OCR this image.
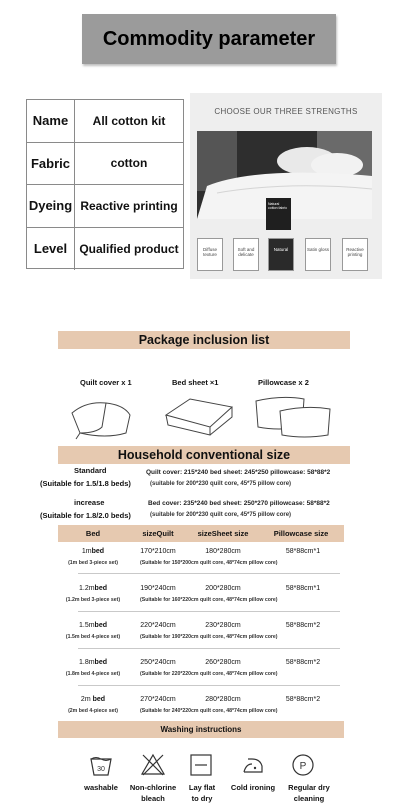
Commodity parameter
Name	All cotton kit
Fabric	cotton
Dyeing Reactive printing
Level	Qualified product
CHOOSE OUR THREE STRENGTHS
Natural cotton fabric
Diffuse texture
Soft and delicate
Natural	Satin gloss	Reactive printing
Package inclusion list
Quilt cover x 1	Bed sheet ×1	Pillowcase x 2
Household conventional size
Standard
(Suitable for 1.5/1.8 beds)
Quilt cover: 215*240 bed sheet: 245*250 pillowcase: 58*88*2
(suitable for 200*230 quilt core, 45*75 pillow core)
increase
(Suitable for 1.8/2.0 beds)
Bed cover: 235*240 bed sheet: 250*270 pillowcase: 58*88*2
(suitable for 200*230 quilt core, 45*75 pillow core)
Bed	sizeQuilt	sizeSheet size	Pillowcase size
1mbed	170*210cm	180*280cm	58*88cm*1
(1m bed 3-piece set)	(Suitable for 150*200cm quilt core, 48*74cm pillow core)
1.2mbed	190*240cm	200*280cm	58*88cm*1
(1.2m bed 3-piece set)	(Suitable for 160*220cm quilt core, 48*74cm pillow core)
1.5mbed	220*240cm	230*280cm	58*88cm*2
(1.5m bed 4-piece set)	(Suitable for 190*220cm quilt core, 48*74cm pillow core)
1.8mbed	250*240cm	260*280cm	58*88cm*2
(1.8m bed 4-piece set)	(Suitable for 220*220cm quilt core, 48*74cm pillow core)
2m bed	270*240cm	280*280cm	58*88cm*2
(2m bed 4-piece set)	(Suitable for 240*220cm quilt core, 48*74cm pillow core)
Washing instructions
30	P
washable	Non-chlorine
bleach
Lay flat
to dry
Cold ironing	Regular dry
cleaning
